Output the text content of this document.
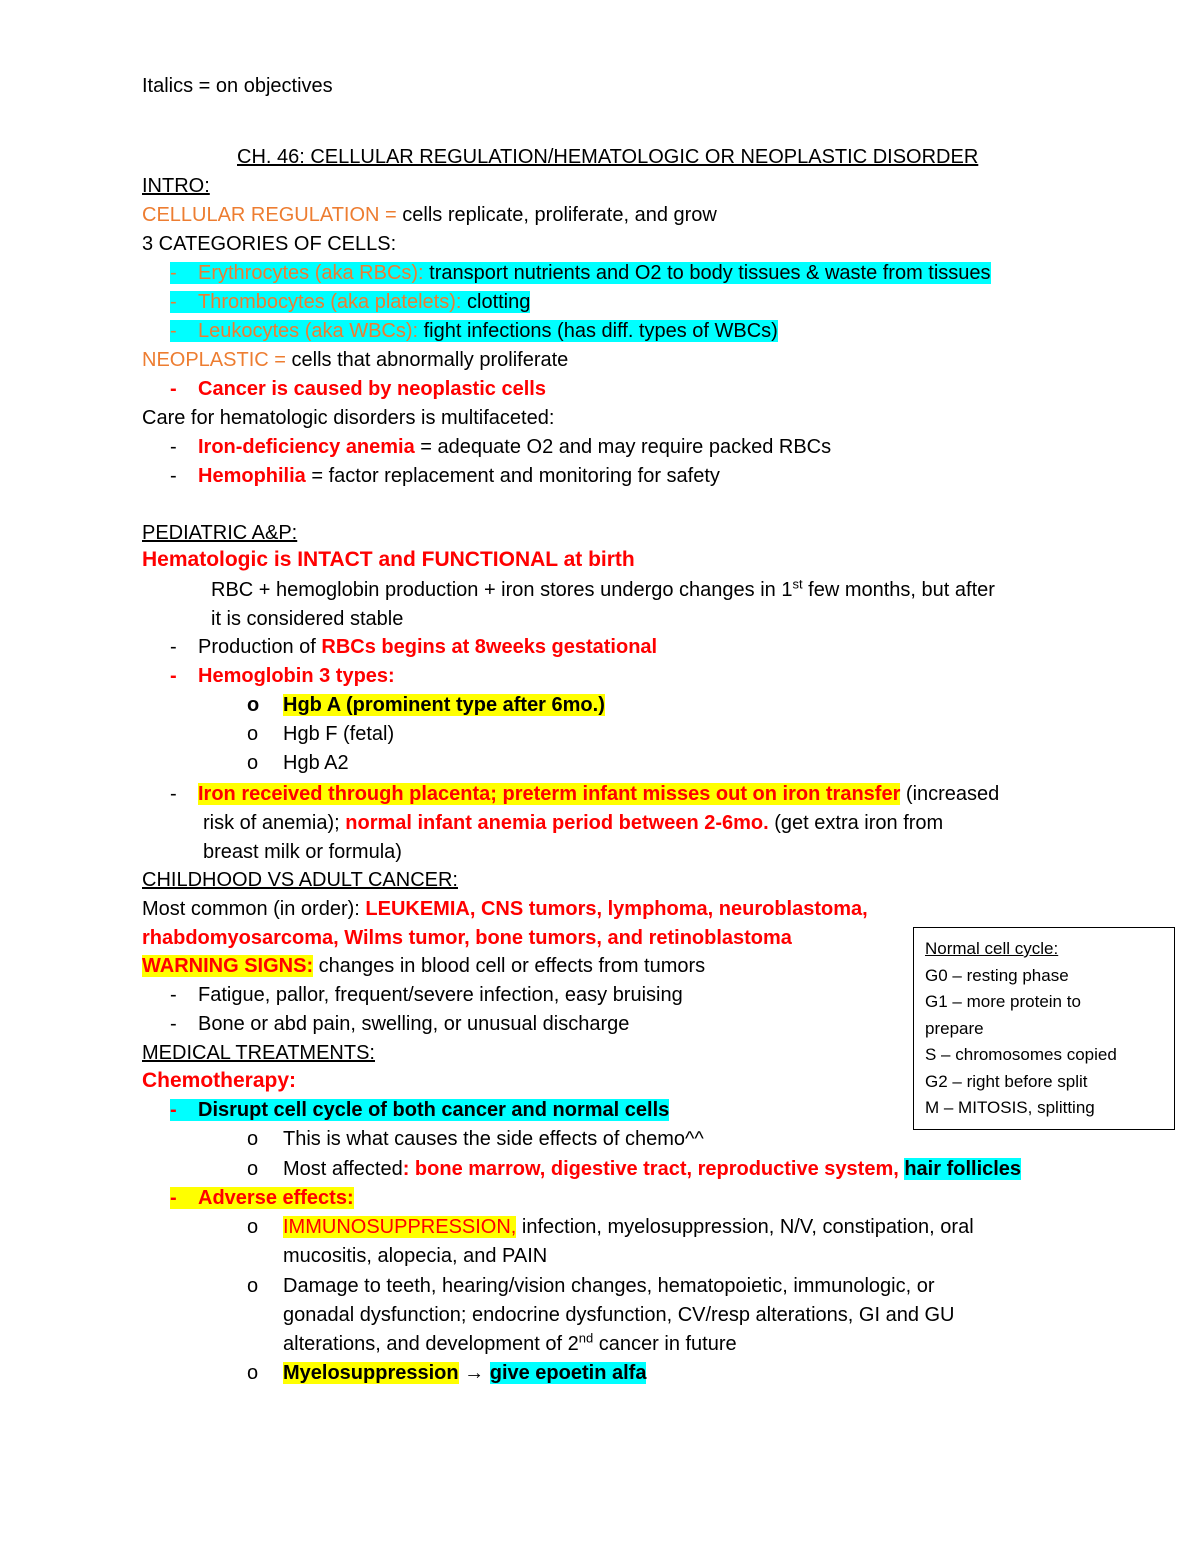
Italics = on objectives
CH. 46: CELLULAR REGULATION/HEMATOLOGIC OR NEOPLASTIC DISORDER
INTRO:
CELLULAR REGULATION = cells replicate, proliferate, and grow
3 CATEGORIES OF CELLS:
- Erythrocytes (aka RBCs): transport nutrients and O2 to body tissues & waste from tissues
- Thrombocytes (aka platelets): clotting
- Leukocytes (aka WBCs): fight infections (has diff. types of WBCs)
NEOPLASTIC = cells that abnormally proliferate
- Cancer is caused by neoplastic cells
Care for hematologic disorders is multifaceted:
- Iron-deficiency anemia = adequate O2 and may require packed RBCs
- Hemophilia = factor replacement and monitoring for safety
PEDIATRIC A&P:
Hematologic is INTACT and FUNCTIONAL at birth
RBC + hemoglobin production + iron stores undergo changes in 1st few months, but after
it is considered stable
- Production of RBCs begins at 8weeks gestational
- Hemoglobin 3 types:
o Hgb A (prominent type after 6mo.)
o Hgb F (fetal)
o Hgb A2
- Iron received through placenta; preterm infant misses out on iron transfer (increased
risk of anemia); normal infant anemia period between 2-6mo. (get extra iron from
breast milk or formula)
CHILDHOOD VS ADULT CANCER:
Most common (in order): LEUKEMIA, CNS tumors, lymphoma, neuroblastoma,
rhabdomyosarcoma, Wilms tumor, bone tumors, and retinoblastoma
WARNING SIGNS: changes in blood cell or effects from tumors
- Fatigue, pallor, frequent/severe infection, easy bruising
- Bone or abd pain, swelling, or unusual discharge
MEDICAL TREATMENTS:
Chemotherapy:
- Disrupt cell cycle of both cancer and normal cells
o This is what causes the side effects of chemo^^
o Most affected: bone marrow, digestive tract, reproductive system, hair follicles
- Adverse effects:
o IMMUNOSUPPRESSION, infection, myelosuppression, N/V, constipation, oral
mucositis, alopecia, and PAIN
o Damage to teeth, hearing/vision changes, hematopoietic, immunologic, or
gonadal dysfunction; endocrine dysfunction, CV/resp alterations, GI and GU
alterations, and development of 2nd cancer in future
o Myelosuppression → give epoetin alfa
Normal cell cycle:
G0 – resting phase
G1 – more protein to
prepare
S – chromosomes copied
G2 – right before split
M – MITOSIS, splitting
